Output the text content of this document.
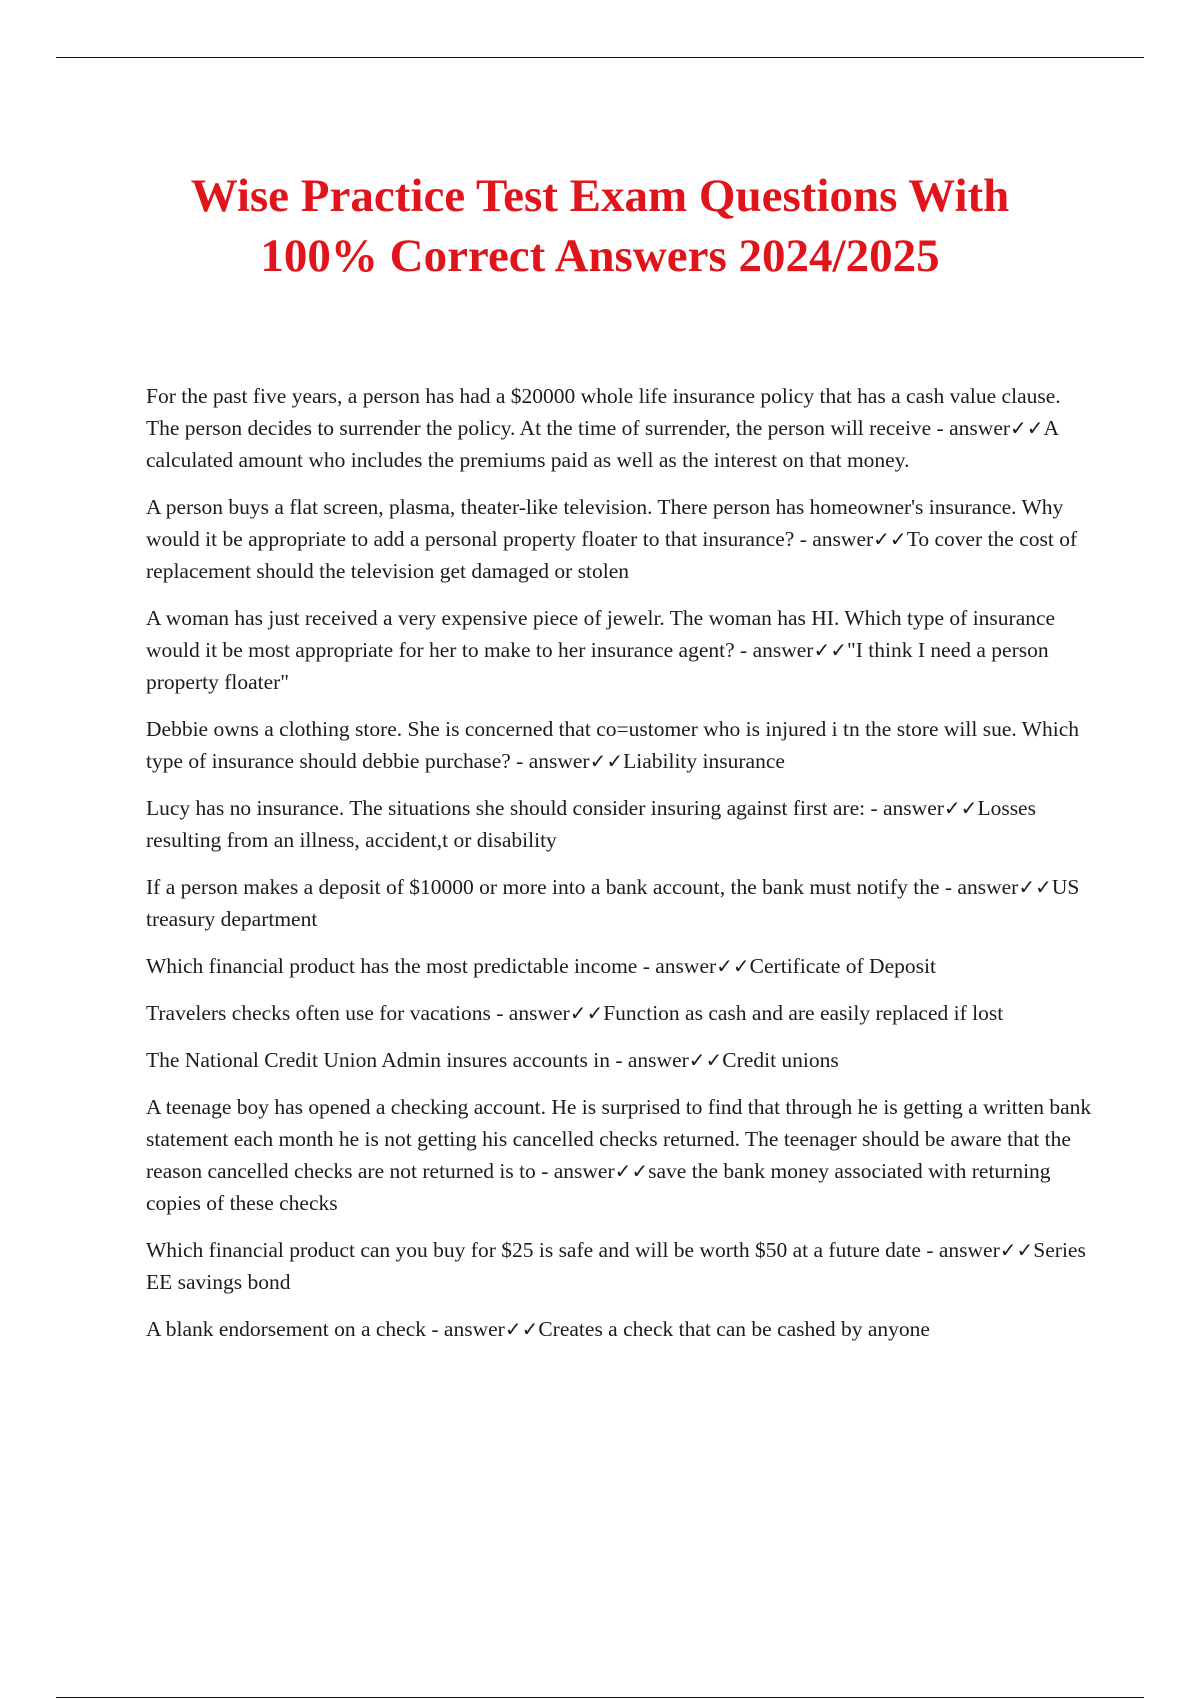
Wise Practice Test Exam Questions With
100% Correct Answers 2024/2025
For the past five years, a person has had a $20000 whole life insurance policy that has a cash value clause. The person decides to surrender the policy. At the time of surrender, the person will receive - answer✓✓A calculated amount who includes the premiums paid as well as the interest on that money.
A person buys a flat screen, plasma, theater-like television. There person has homeowner's insurance. Why would it be appropriate to add a personal property floater to that insurance? - answer✓✓To cover the cost of replacement should the television get damaged or stolen
A woman has just received a very expensive piece of jewelr. The woman has HI. Which type of insurance would it be most appropriate for her to make to her insurance agent? - answer✓✓"I think I need a person property floater"
Debbie owns a clothing store. She is concerned that co=ustomer who is injured i tn the store will sue. Which type of insurance should debbie purchase? - answer✓✓Liability insurance
Lucy has no insurance. The situations she should consider insuring against first are: - answer✓✓Losses resulting from an illness, accident,t or disability
If a person makes a deposit of $10000 or more into a bank account, the bank must notify the - answer✓✓US treasury department
Which financial product has the most predictable income - answer✓✓Certificate of Deposit
Travelers checks often use for vacations - answer✓✓Function as cash and are easily replaced if lost
The National Credit Union Admin insures accounts in - answer✓✓Credit unions
A teenage boy has opened a checking account. He is surprised to find that through he is getting a written bank statement each month he is not getting his cancelled checks returned. The teenager should be aware that the reason cancelled checks are not returned is to - answer✓✓save the bank money associated with returning copies of these checks
Which financial product can you buy for $25 is safe and will be worth $50 at a future date - answer✓✓Series EE savings bond
A blank endorsement on a check - answer✓✓Creates a check that can be cashed by anyone
